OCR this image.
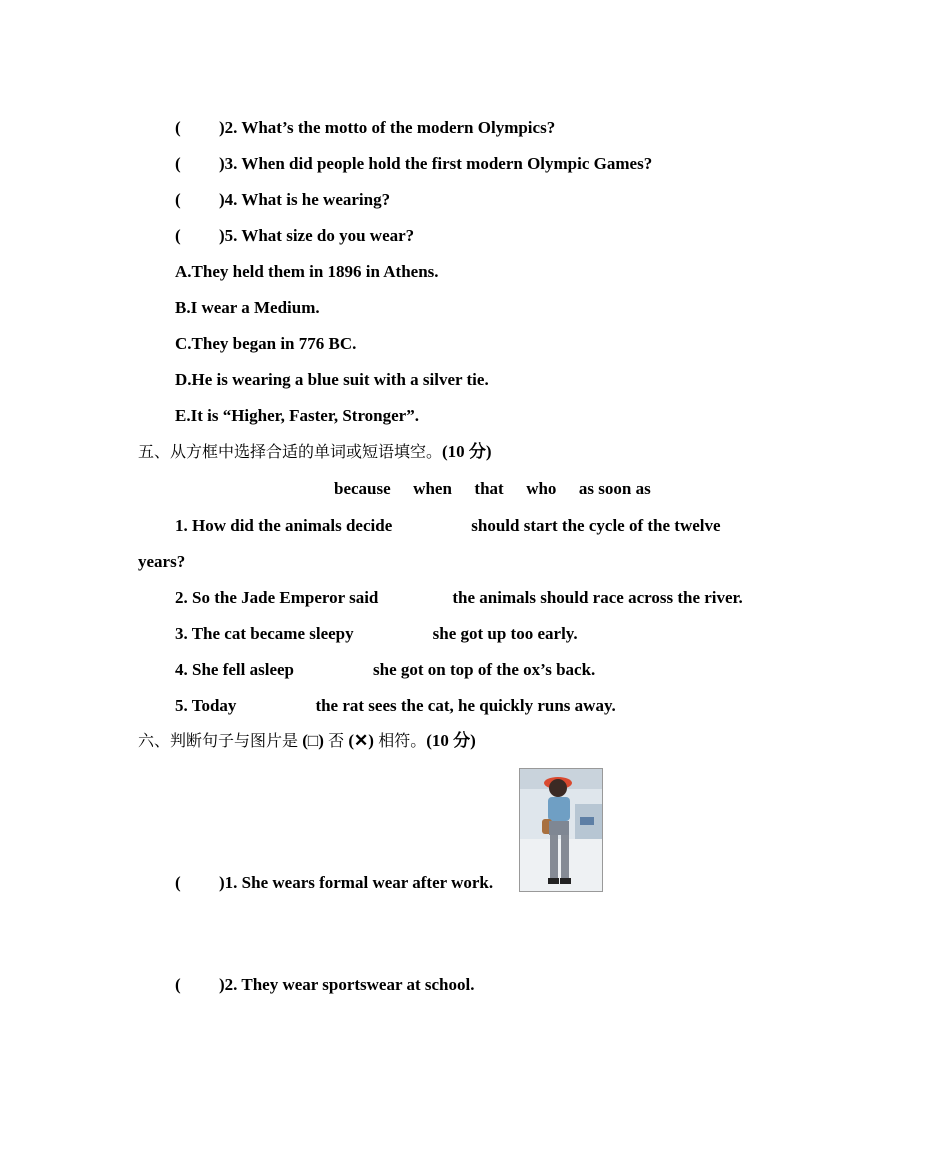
( )2. What’s the motto of the modern Olympics?
( )3. When did people hold the first modern Olympic Games?
( )4. What is he wearing?
( )5. What size do you wear?
A.They held them in 1896 in Athens.
B.I wear a Medium.
C.They began in 776 BC.
D.He is wearing a blue suit with a silver tie.
E.It is “Higher, Faster, Stronger”.
五、从方框中选择合适的单词或短语填空。(10 分)
because when that who as soon as
1. How did the animals decide	should start the cycle of the twelve
years?
2. So the Jade Emperor said	the animals should race across the river.
3. The cat became sleepy	she got up too early.
4. She fell asleep	she got on top of the ox’s back.
5. Today	the rat sees the cat, he quickly runs away.
六、判断句子与图片是 (□) 否 (✕) 相符。(10 分)
( )1. She wears formal wear after work.
( )2. They wear sportswear at school.
